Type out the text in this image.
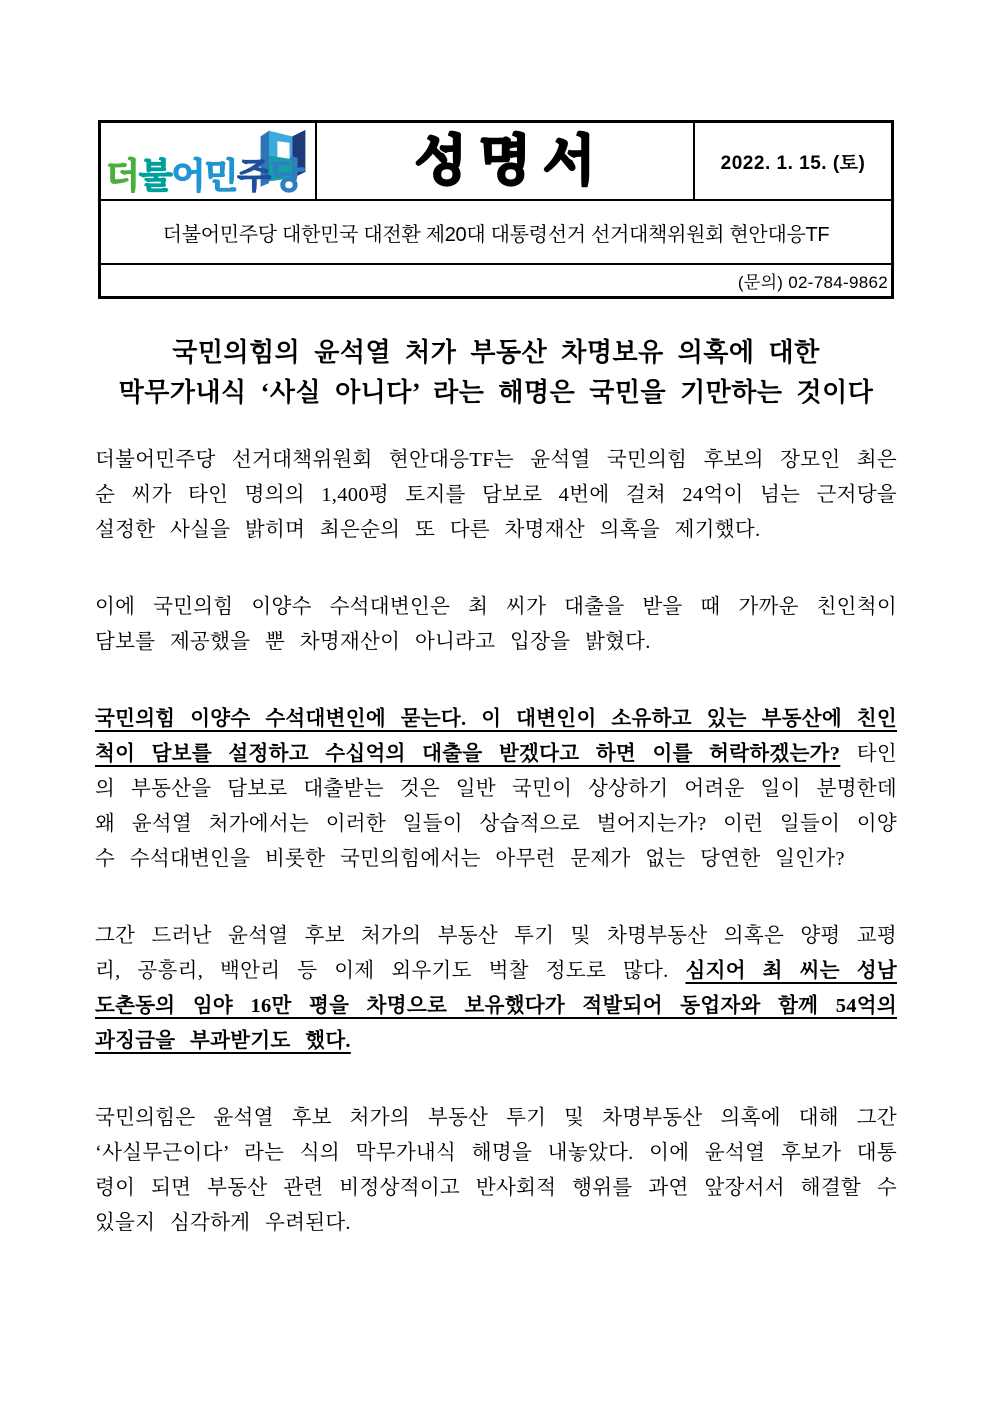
더불어민주당 성명서	2022. 1. 15. (토)
더불어민주당 대한민국 대전환 제20대 대통령선거 선거대책위원회 현안대응TF
(문의) 02-784-9862
국민의힘의 윤석열 처가 부동산 차명보유 의혹에 대한
막무가내식 ‘사실 아니다’ 라는 해명은 국민을 기만하는 것이다

더불어민주당 선거대책위원회 현안대응TF는 윤석열 국민의힘 후보의 장모인 최은순 씨가 타인 명의의 1,400평 토지를 담보로 4번에 걸쳐 24억이 넘는 근저당을 설정한 사실을 밝히며 최은순의 또 다른 차명재산 의혹을 제기했다.

이에 국민의힘 이양수 수석대변인은 최 씨가 대출을 받을 때 가까운 친인척이 담보를 제공했을 뿐 차명재산이 아니라고 입장을 밝혔다.

국민의힘 이양수 수석대변인에 묻는다. 이 대변인이 소유하고 있는 부동산에 친인척이 담보를 설정하고 수십억의 대출을 받겠다고 하면 이를 허락하겠는가? 타인의 부동산을 담보로 대출받는 것은 일반 국민이 상상하기 어려운 일이 분명한데 왜 윤석열 처가에서는 이러한 일들이 상습적으로 벌어지는가? 이런 일들이 이양수 수석대변인을 비롯한 국민의힘에서는 아무런 문제가 없는 당연한 일인가?

그간 드러난 윤석열 후보 처가의 부동산 투기 및 차명부동산 의혹은 양평 교평리, 공흥리, 백안리 등 이제 외우기도 벅찰 정도로 많다. 심지어 최 씨는 성남 도촌동의 임야 16만 평을 차명으로 보유했다가 적발되어 동업자와 함께 54억의 과징금을 부과받기도 했다.

국민의힘은 윤석열 후보 처가의 부동산 투기 및 차명부동산 의혹에 대해 그간 ‘사실무근이다’ 라는 식의 막무가내식 해명을 내놓았다. 이에 윤석열 후보가 대통령이 되면 부동산 관련 비정상적이고 반사회적 행위를 과연 앞장서서 해결할 수 있을지 심각하게 우려된다.
